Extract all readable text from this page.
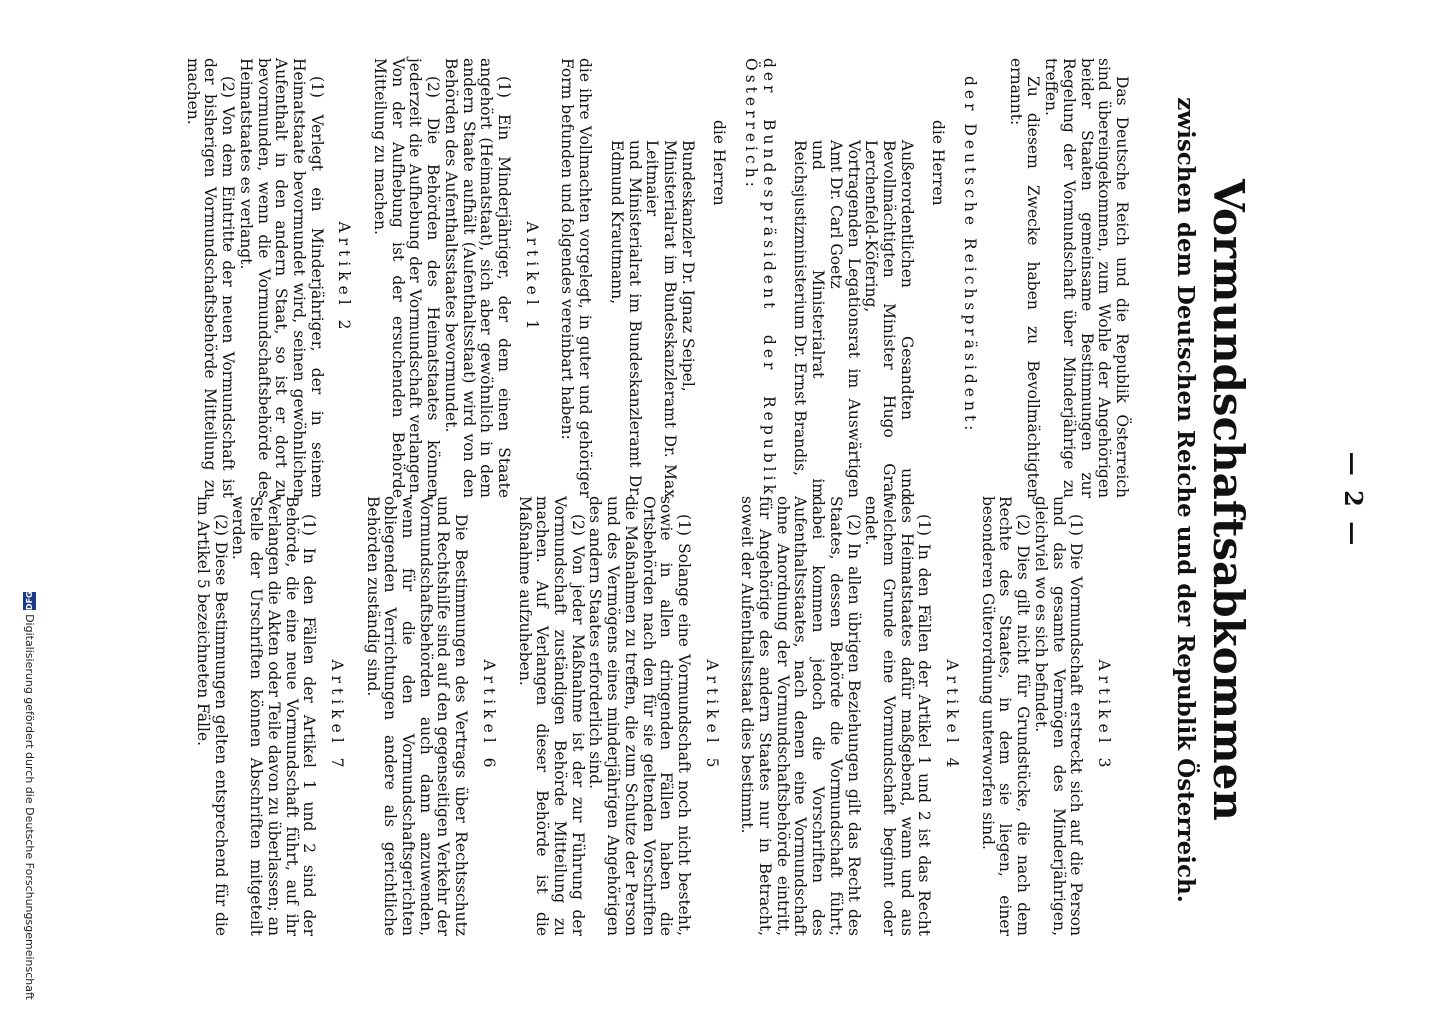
— 2 —
Vormundschaftsabkommen
zwischen dem Deutschen Reiche und der Republik Österreich.

Das Deutsche Reich und die Republik Österreich sind übereingekommen, zum Wohle der Angehörigen beider Staaten gemeinsame Bestimmungen zur Regelung der Vormundschaft über Minderjährige zu treffen.

Zu diesem Zwecke haben zu Bevollmächtigten ernannt:

der Deutsche Reichspräsident:

die Herren

Außerordentlichen Gesandten und Bevollmächtigten Minister Hugo Graf Lerchenfeld-Köfering,

Vortragenden Legationsrat im Auswärtigen Amt Dr. Carl Goetz

und Ministerialrat im Reichsjustizministerium Dr. Ernst Brandis,

der Bundespräsident der Republik Österreich:

die Herren

Bundeskanzler Dr. Ignaz Seipel,

Ministerialrat im Bundeskanzleramt Dr. Max Leitmaier

und Ministerialrat im Bundeskanzleramt Dr. Edmund Krautmann,

die ihre Vollmachten vorgelegt, in guter und gehöriger Form befunden und folgendes vereinbart haben:

Artikel 1

(1) Ein Minderjähriger, der dem einen Staate angehört (Heimatstaat), sich aber gewöhnlich in dem andern Staate aufhält (Aufenthaltsstaat) wird von den Behörden des Aufenthaltsstaates bevormundet.

(2) Die Behörden des Heimatstaates können jederzeit die Aufhebung der Vormundschaft verlangen. Von der Aufhebung ist der ersuchenden Behörde Mitteilung zu machen.

Artikel 2

(1) Verlegt ein Minderjähriger, der in seinem Heimatstaate bevormundet wird, seinen gewöhnlichen Aufenthalt in den andern Staat, so ist er dort zu bevormunden, wenn die Vormundschaftsbehörde des Heimatstaates es verlangt.

(2) Von dem Eintritte der neuen Vormundschaft ist der bisherigen Vormundschaftsbehörde Mitteilung zu machen.

Artikel 3

(1) Die Vormundschaft erstreckt sich auf die Person und das gesamte Vermögen des Minderjährigen, gleichviel wo es sich befindet.

(2) Dies gilt nicht für Grundstücke, die nach dem Rechte des Staates, in dem sie liegen, einer besonderen Güterordnung unterworfen sind.

Artikel 4

(1) In den Fällen der Artikel 1 und 2 ist das Recht des Heimatstaates dafür maßgebend, wann und aus welchem Grunde eine Vormundschaft beginnt oder endet.

(2) In allen übrigen Beziehungen gilt das Recht des Staates, dessen Behörde die Vormundschaft führt; dabei kommen jedoch die Vorschriften des Aufenthaltsstaates, nach denen eine Vormundschaft ohne Anordnung der Vormundschaftsbehörde eintritt, für Angehörige des andern Staates nur in Betracht, soweit der Aufenthaltsstaat dies bestimmt.

Artikel 5

(1) Solange eine Vormundschaft noch nicht besteht, sowie in allen dringenden Fällen haben die Ortsbehörden nach den für sie geltenden Vorschriften die Maßnahmen zu treffen, die zum Schutze der Person und des Vermögens eines minderjährigen Angehörigen des andern Staates erforderlich sind.

(2) Von jeder Maßnahme ist der zur Führung der Vormundschaft zuständigen Behörde Mitteilung zu machen. Auf Verlangen dieser Behörde ist die Maßnahme aufzuheben.

Artikel 6

Die Bestimmungen des Vertrags über Rechtsschutz und Rechtshilfe sind auf den gegenseitigen Verkehr der Vormundschaftsbehörden auch dann anzuwenden, wenn für die den Vormundschaftsgerichten obliegenden Verrichtungen andere als gerichtliche Behörden zuständig sind.

Artikel 7

(1) In den Fällen der Artikel 1 und 2 sind der Behörde, die eine neue Vormundschaft führt, auf ihr Verlangen die Akten oder Teile davon zu überlassen; an Stelle der Urschriften können Abschriften mitgeteilt werden.

(2) Diese Bestimmungen gelten entsprechend für die im Artikel 5 bezeichneten Fälle.

Digitalisierung gefördert durch die Deutsche Forschungsgemeinschaft
DFG
